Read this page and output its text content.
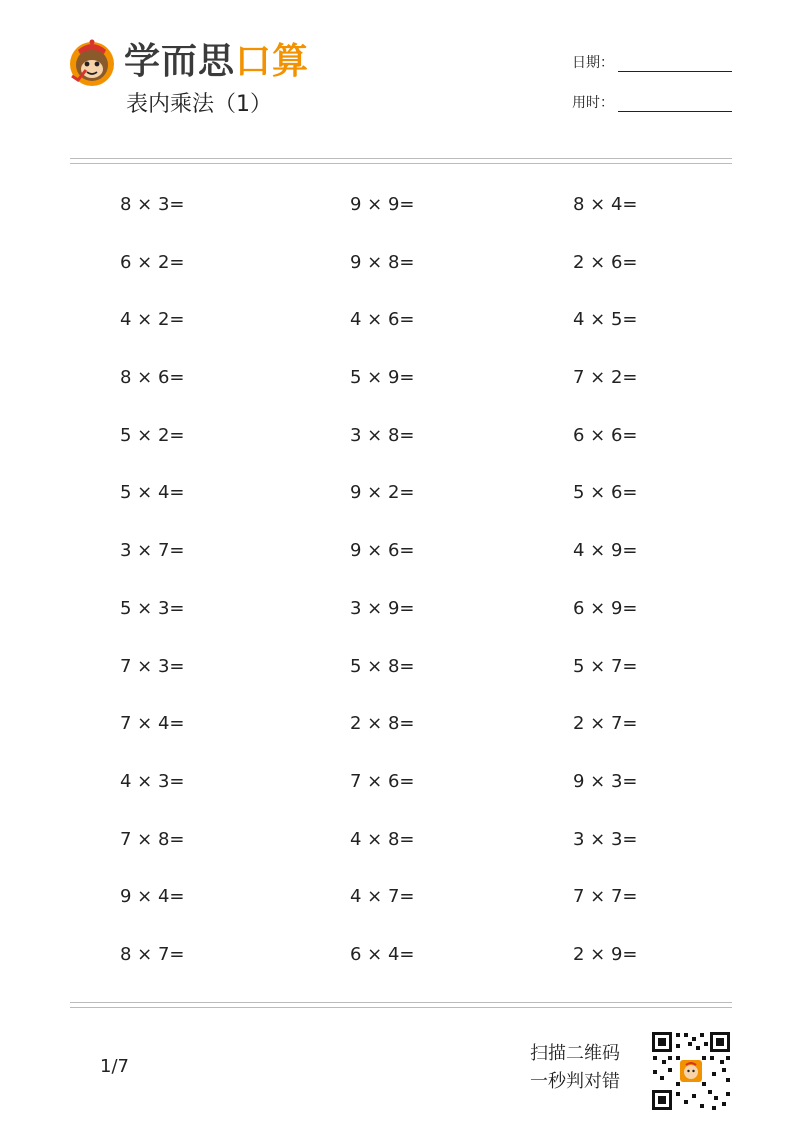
学而思口算
表内乘法（1）
日期：
用时：
8 × 3=	9 × 9=	8 × 4=
6 × 2=	9 × 8=	2 × 6=
4 × 2=	4 × 6=	4 × 5=
8 × 6=	5 × 9=	7 × 2=
5 × 2=	3 × 8=	6 × 6=
5 × 4=	9 × 2=	5 × 6=
3 × 7=	9 × 6=	4 × 9=
5 × 3=	3 × 9=	6 × 9=
7 × 3=	5 × 8=	5 × 7=
7 × 4=	2 × 8=	2 × 7=
4 × 3=	7 × 6=	9 × 3=
7 × 8=	4 × 8=	3 × 3=
9 × 4=	4 × 7=	7 × 7=
8 × 7=	6 × 4=	2 × 9=
1/7
扫描二维码
一秒判对错
